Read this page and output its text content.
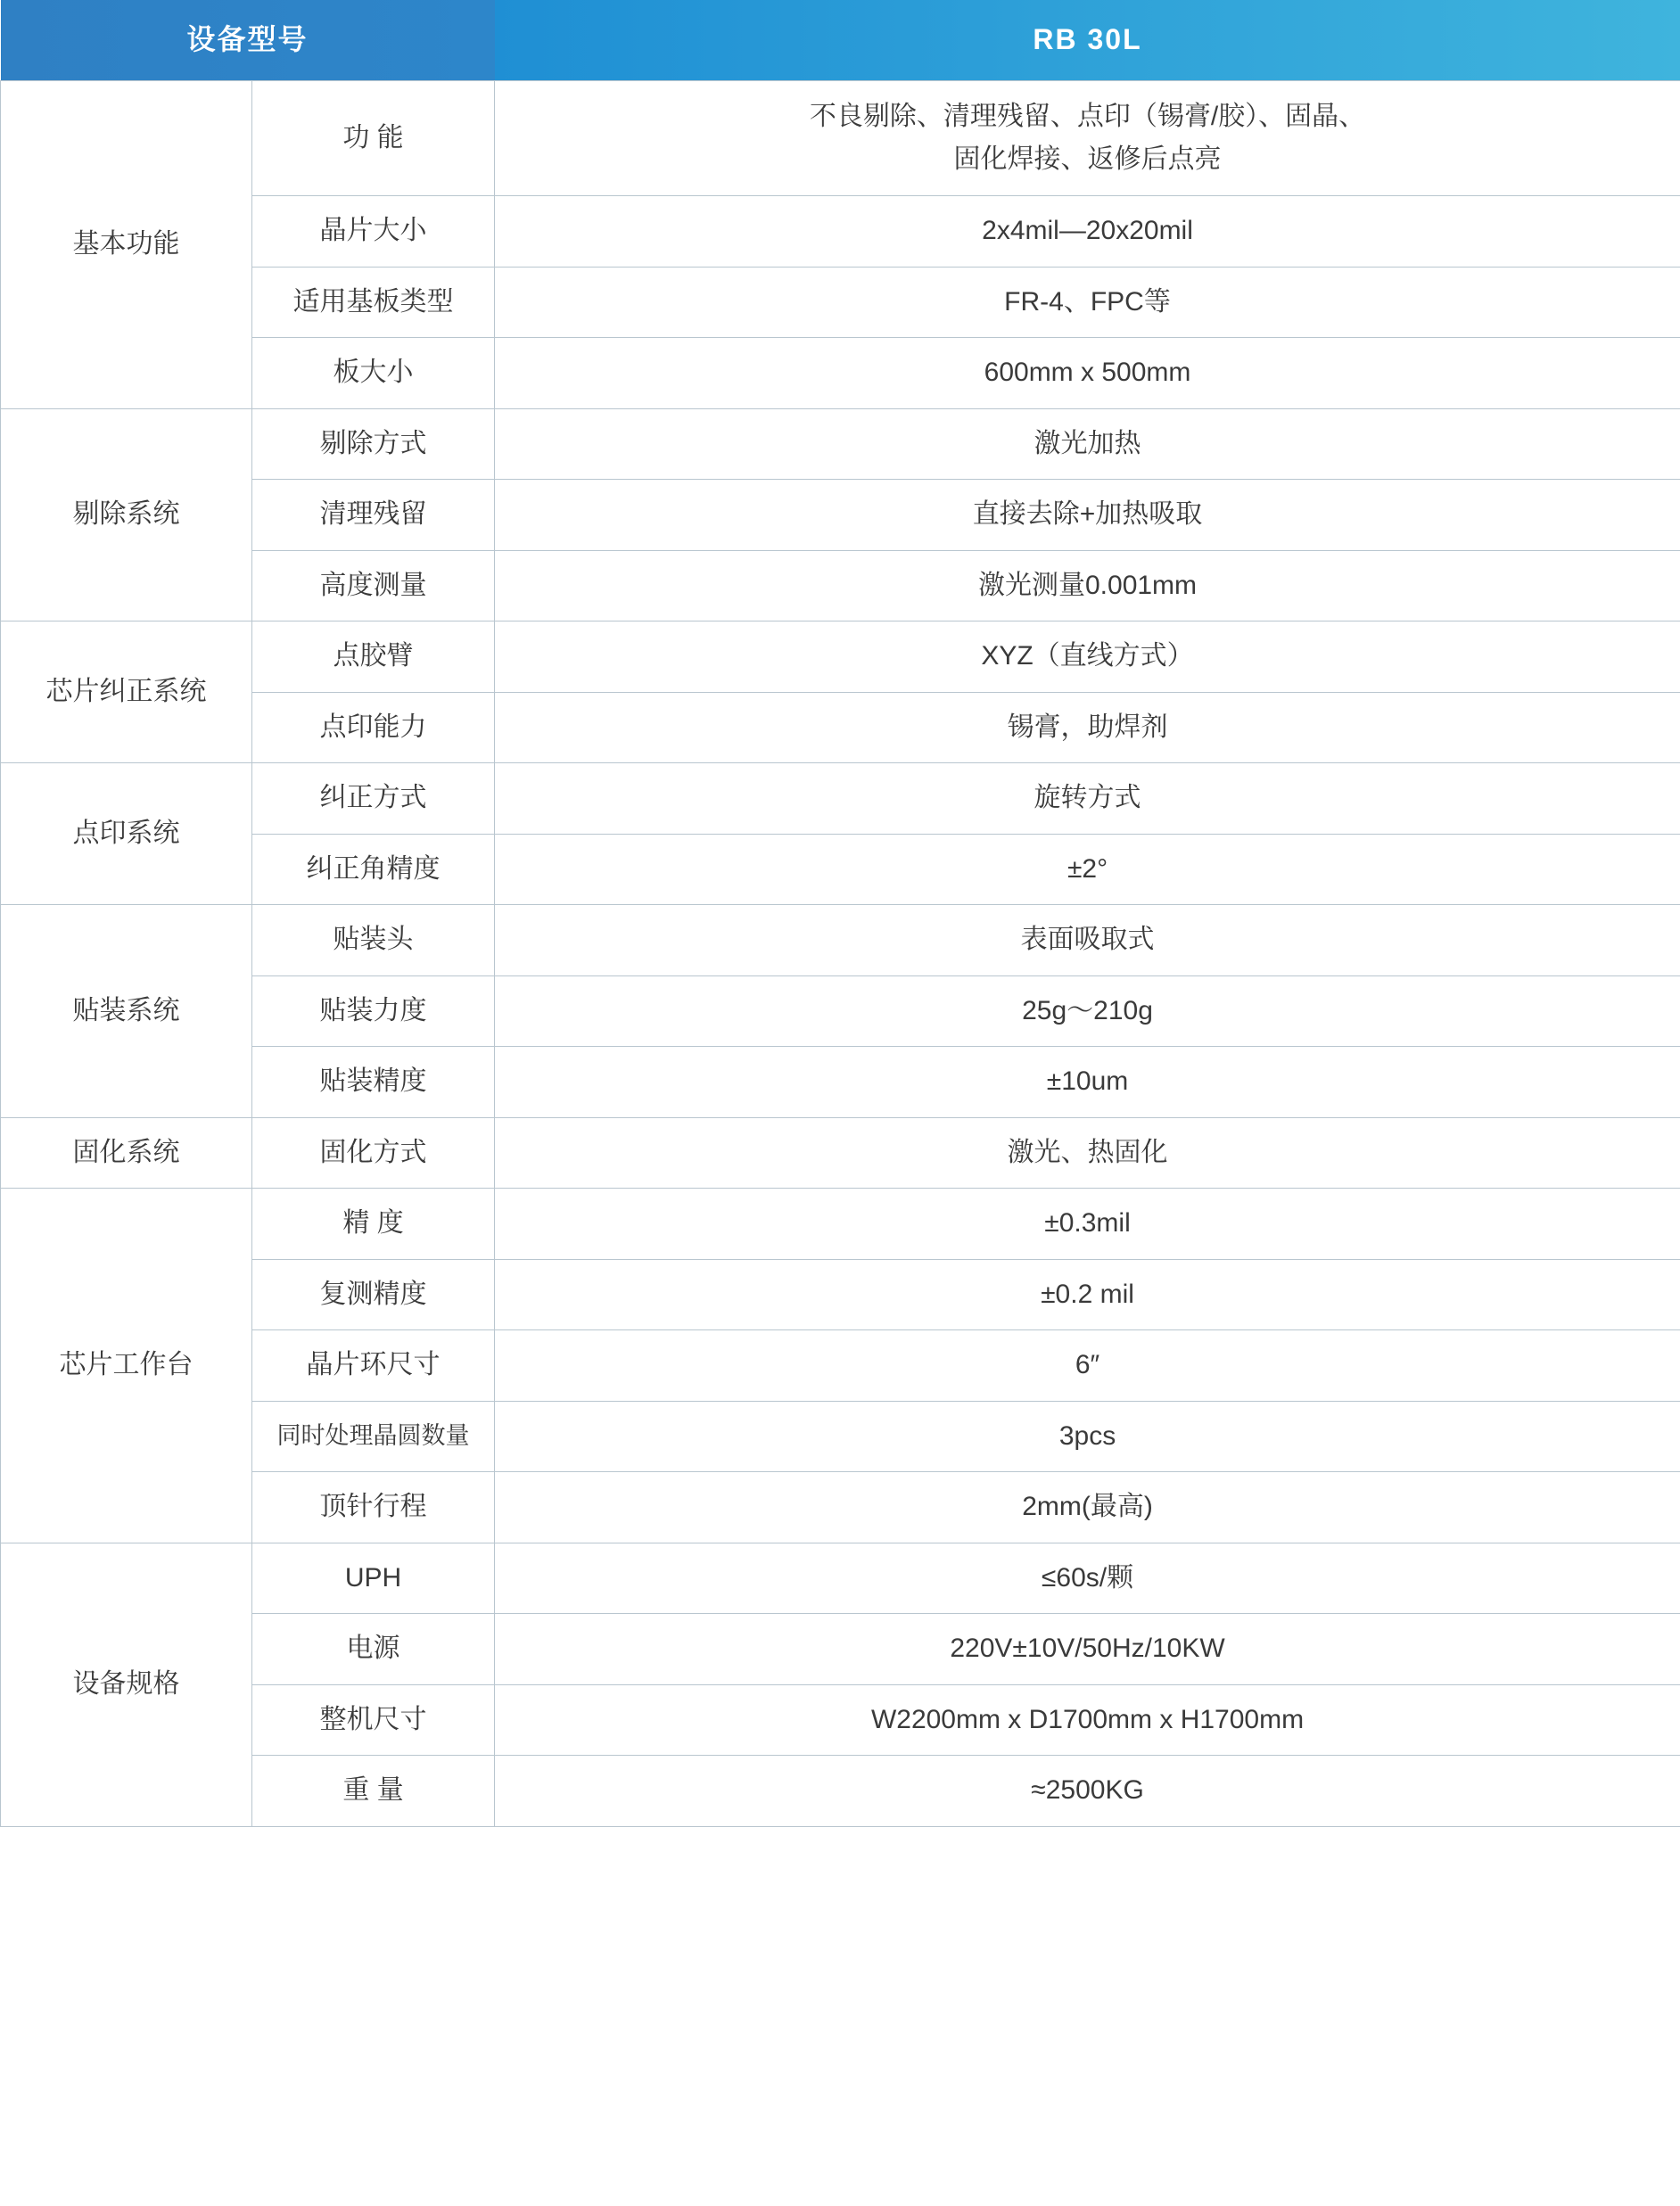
设备型号		RB 30L
基本功能	功 能	不良剔除、清理残留、点印（锡膏/胶）、固晶、
固化焊接、返修后点亮

	晶片大小	2x4mil—20x20mil
	适用基板类型	FR-4、FPC等
	板大小	600mm x 500mm
剔除系统	剔除方式	激光加热
	清理残留	直接去除+加热吸取
	高度测量	激光测量0.001mm
芯片纠正系统	点胶臂	XYZ（直线方式）
	点印能力	锡膏，助焊剂
点印系统	纠正方式	旋转方式
	纠正角精度	±2°
贴装系统	贴装头	表面吸取式
	贴装力度	25g～210g
	贴装精度	±10um
固化系统	固化方式	激光、热固化
芯片工作台	精 度	±0.3mil
	复测精度	±0.2 mil
	晶片环尺寸	6″
	同时处理晶圆数量	3pcs
	顶针行程	2mm(最高)
设备规格	UPH	≤60s/颗
	电源	220V±10V/50Hz/10KW
	整机尺寸	W2200mm x D1700mm x H1700mm
	重 量	≈2500KG
